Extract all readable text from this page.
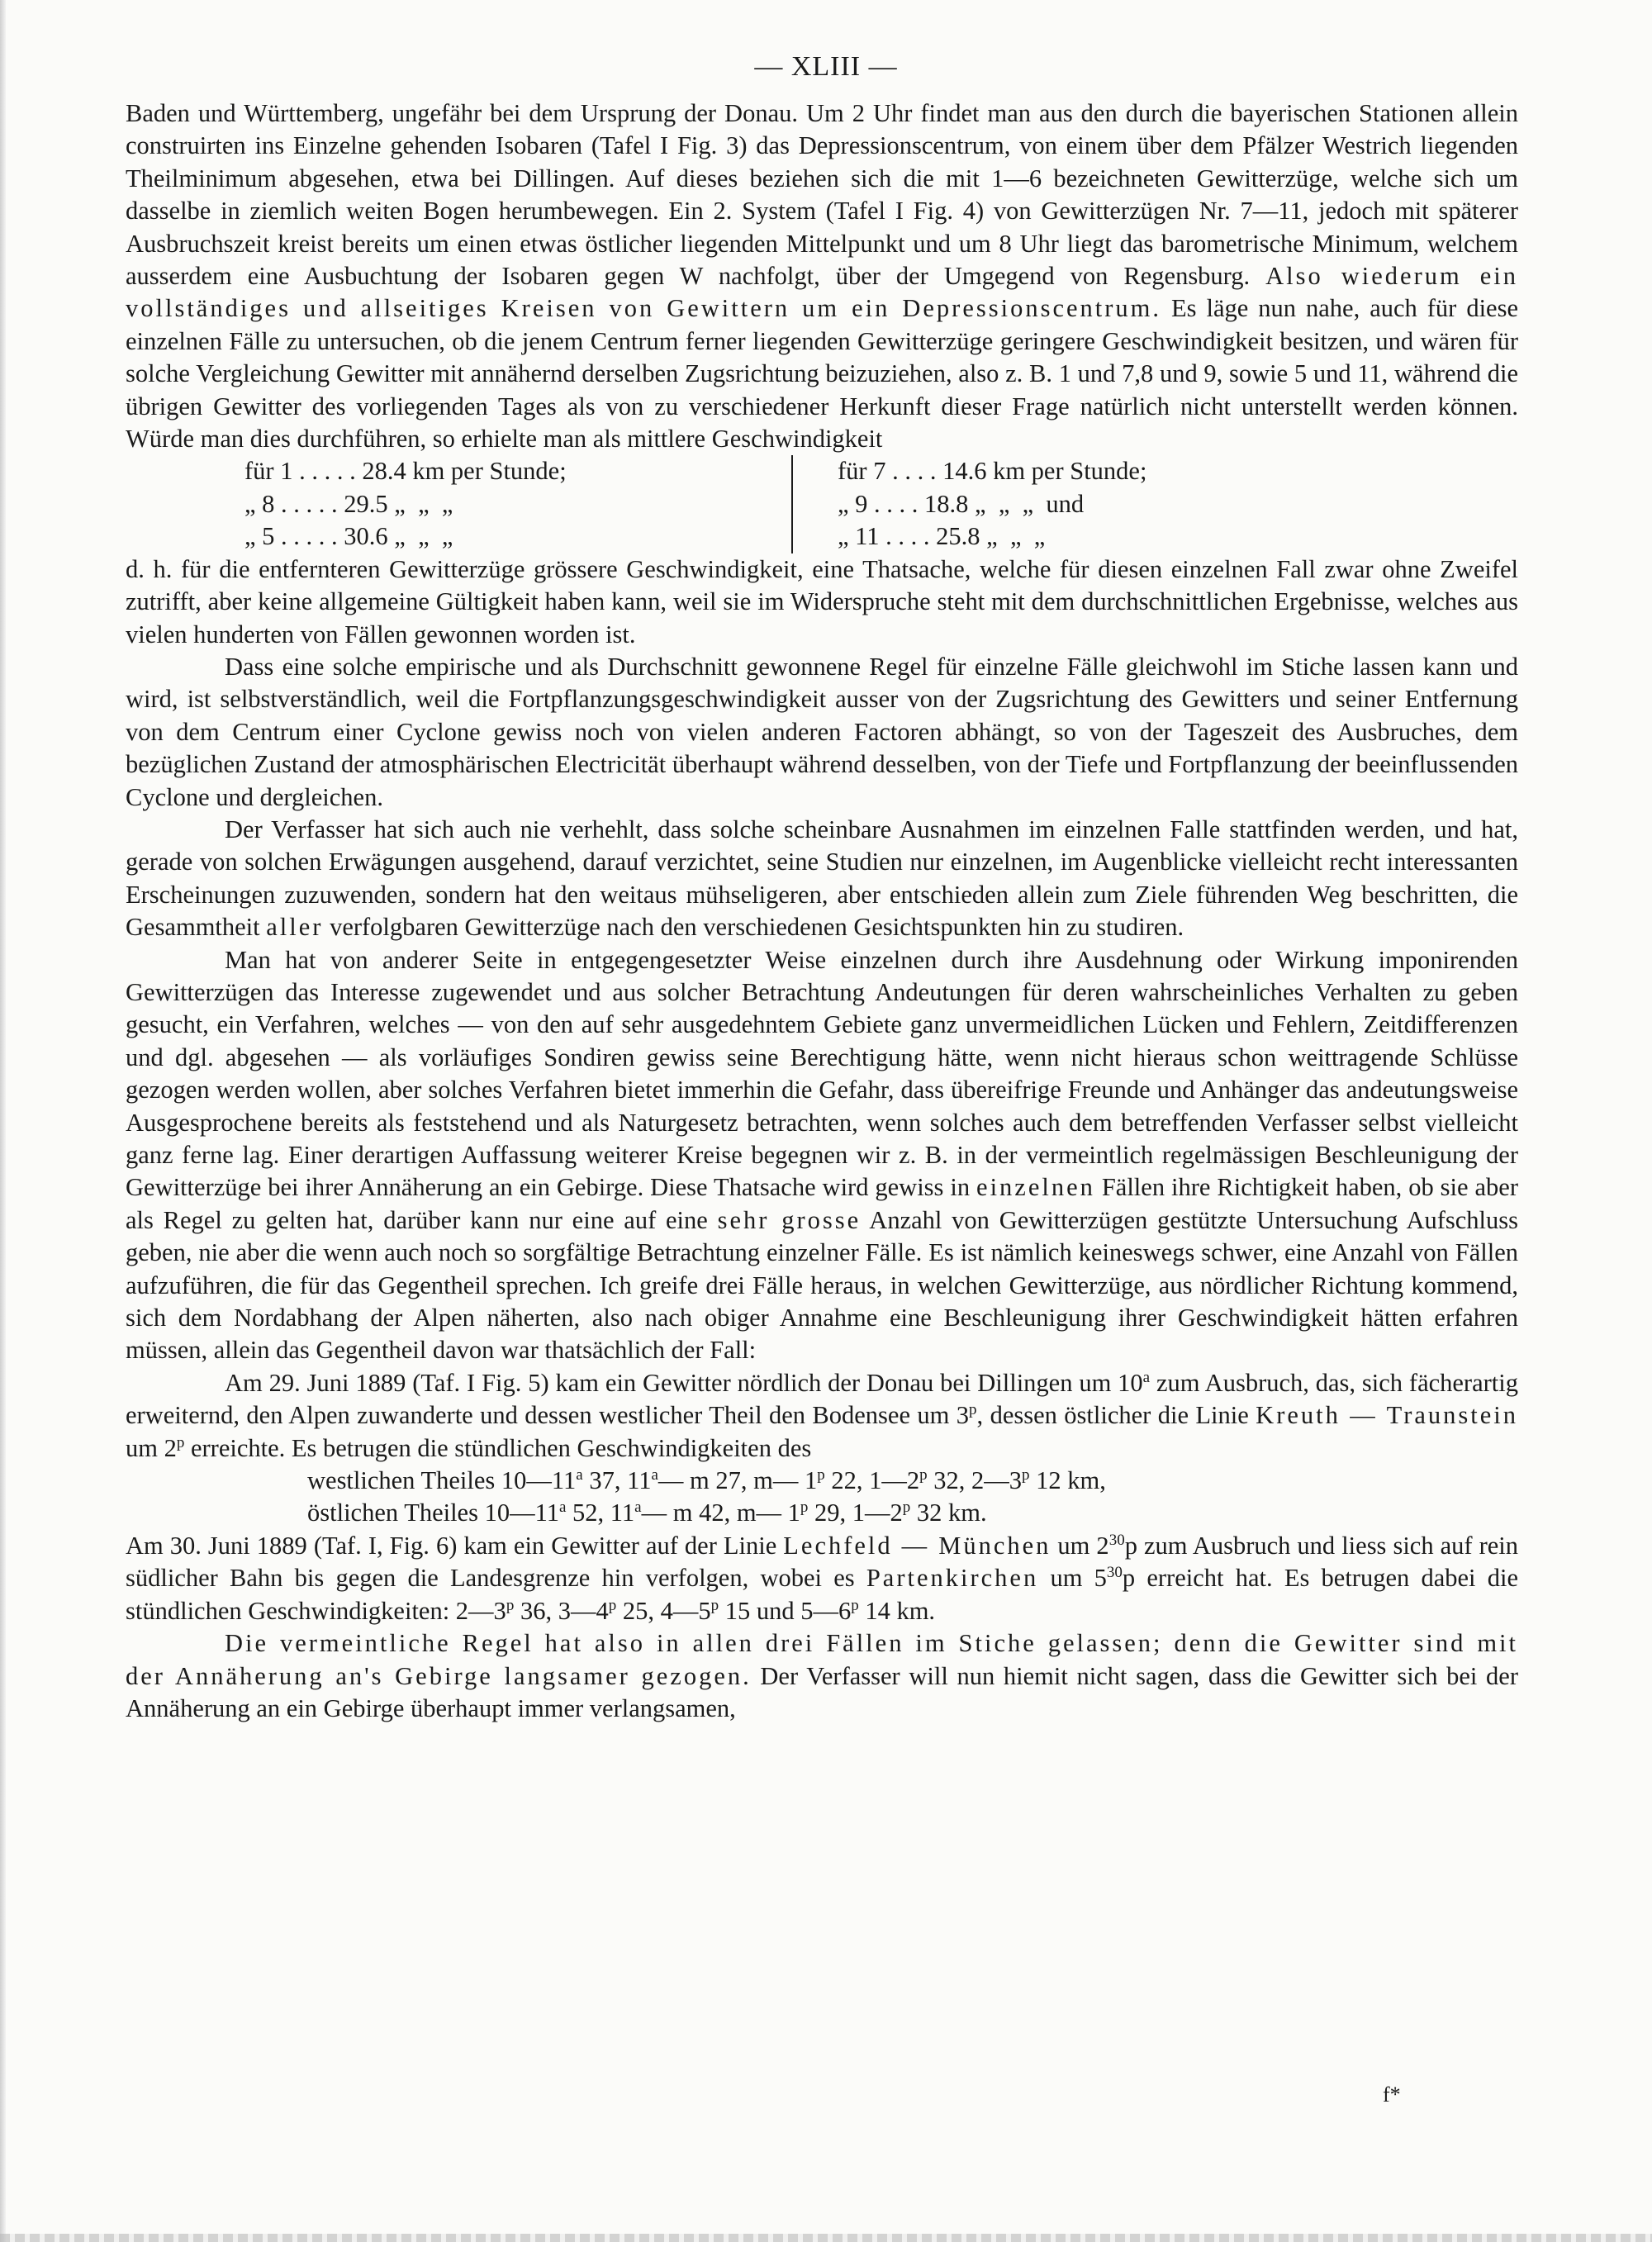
— XLIII —

Baden und Württemberg, ungefähr bei dem Ursprung der Donau. Um 2 Uhr findet man aus den durch die bayerischen Stationen allein construirten ins Einzelne gehenden Isobaren (Tafel I Fig. 3) das Depressionscentrum, von einem über dem Pfälzer Westrich liegenden Theilminimum abgesehen, etwa bei Dillingen. Auf dieses beziehen sich die mit 1—6 bezeichneten Gewitterzüge, welche sich um dasselbe in ziemlich weiten Bogen herumbewegen. Ein 2. System (Tafel I Fig. 4) von Gewitterzügen Nr. 7—11, jedoch mit späterer Ausbruchszeit kreist bereits um einen etwas östlicher liegenden Mittelpunkt und um 8 Uhr liegt das barometrische Minimum, welchem ausserdem eine Ausbuchtung der Isobaren gegen W nachfolgt, über der Umgegend von Regensburg. Also wiederum ein vollständiges und allseitiges Kreisen von Gewittern um ein Depressionscentrum. Es läge nun nahe, auch für diese einzelnen Fälle zu untersuchen, ob die jenem Centrum ferner liegenden Gewitterzüge geringere Geschwindigkeit besitzen, und wären für solche Vergleichung Gewitter mit annähernd derselben Zugsrichtung beizuziehen, also z. B. 1 und 7,8 und 9, sowie 5 und 11, während die übrigen Gewitter des vorliegenden Tages als von zu verschiedener Herkunft dieser Frage natürlich nicht unterstellt werden können. Würde man dies durchführen, so erhielte man als mittlere Geschwindigkeit

für 1 . . . . . 28.4 km per Stunde;
„ 8 . . . . . 29.5 „  „  „
„ 5 . . . . . 30.6 „  „  „
für 7 . . . . 14.6 km per Stunde;
„ 9 . . . . 18.8 „  „  „  und
„ 11 . . . . 25.8 „  „  „

d. h. für die entfernteren Gewitterzüge grössere Geschwindigkeit, eine Thatsache, welche für diesen einzelnen Fall zwar ohne Zweifel zutrifft, aber keine allgemeine Gültigkeit haben kann, weil sie im Widerspruche steht mit dem durchschnittlichen Ergebnisse, welches aus vielen hunderten von Fällen gewonnen worden ist.

Dass eine solche empirische und als Durchschnitt gewonnene Regel für einzelne Fälle gleichwohl im Stiche lassen kann und wird, ist selbstverständlich, weil die Fortpflanzungsgeschwindigkeit ausser von der Zugsrichtung des Gewitters und seiner Entfernung von dem Centrum einer Cyclone gewiss noch von vielen anderen Factoren abhängt, so von der Tageszeit des Ausbruches, dem bezüglichen Zustand der atmosphärischen Electricität überhaupt während desselben, von der Tiefe und Fortpflanzung der beeinflussenden Cyclone und dergleichen.

Der Verfasser hat sich auch nie verhehlt, dass solche scheinbare Ausnahmen im einzelnen Falle stattfinden werden, und hat, gerade von solchen Erwägungen ausgehend, darauf verzichtet, seine Studien nur einzelnen, im Augenblicke vielleicht recht interessanten Erscheinungen zuzuwenden, sondern hat den weitaus mühseligeren, aber entschieden allein zum Ziele führenden Weg beschritten, die Gesammtheit aller verfolgbaren Gewitterzüge nach den verschiedenen Gesichtspunkten hin zu studiren.

Man hat von anderer Seite in entgegengesetzter Weise einzelnen durch ihre Ausdehnung oder Wirkung imponirenden Gewitterzügen das Interesse zugewendet und aus solcher Betrachtung Andeutungen für deren wahrscheinliches Verhalten zu geben gesucht, ein Verfahren, welches — von den auf sehr ausgedehntem Gebiete ganz unvermeidlichen Lücken und Fehlern, Zeitdifferenzen und dgl. abgesehen — als vorläufiges Sondiren gewiss seine Berechtigung hätte, wenn nicht hieraus schon weittragende Schlüsse gezogen werden wollen, aber solches Verfahren bietet immerhin die Gefahr, dass übereifrige Freunde und Anhänger das andeutungsweise Ausgesprochene bereits als feststehend und als Naturgesetz betrachten, wenn solches auch dem betreffenden Verfasser selbst vielleicht ganz ferne lag. Einer derartigen Auffassung weiterer Kreise begegnen wir z. B. in der vermeintlich regelmässigen Beschleunigung der Gewitterzüge bei ihrer Annäherung an ein Gebirge. Diese Thatsache wird gewiss in einzelnen Fällen ihre Richtigkeit haben, ob sie aber als Regel zu gelten hat, darüber kann nur eine auf eine sehr grosse Anzahl von Gewitterzügen gestützte Untersuchung Aufschluss geben, nie aber die wenn auch noch so sorgfältige Betrachtung einzelner Fälle. Es ist nämlich keineswegs schwer, eine Anzahl von Fällen aufzuführen, die für das Gegentheil sprechen. Ich greife drei Fälle heraus, in welchen Gewitterzüge, aus nördlicher Richtung kommend, sich dem Nordabhang der Alpen näherten, also nach obiger Annahme eine Beschleunigung ihrer Geschwindigkeit hätten erfahren müssen, allein das Gegentheil davon war thatsächlich der Fall:

Am 29. Juni 1889 (Taf. I Fig. 5) kam ein Gewitter nördlich der Donau bei Dillingen um 10$^a$ zum Ausbruch, das, sich fächerartig erweiternd, den Alpen zuwanderte und dessen westlicher Theil den Bodensee um 3$^p$, dessen östlicher die Linie Kreuth — Traunstein um 2$^p$ erreichte. Es betrugen die stündlichen Geschwindigkeiten des

westlichen Theiles 10—11$^a$ 37, 11$^a$— m 27, m— 1$^p$ 22, 1—2$^p$ 32, 2—3$^p$ 12 km,
östlichen Theiles 10—11$^a$ 52, 11$^a$— m 42, m— 1$^p$ 29, 1—2$^p$ 32 km.

Am 30. Juni 1889 (Taf. I, Fig. 6) kam ein Gewitter auf der Linie Lechfeld — München um $2^{30}p$ zum Ausbruch und liess sich auf rein südlicher Bahn bis gegen die Landesgrenze hin verfolgen, wobei es Partenkirchen um $5^{30}p$ erreicht hat. Es betrugen dabei die stündlichen Geschwindigkeiten: 2—3$^p$ 36, 3—4$^p$ 25, 4—5$^p$ 15 und 5—6$^p$ 14 km.

Die vermeintliche Regel hat also in allen drei Fällen im Stiche gelassen; denn die Gewitter sind mit der Annäherung an's Gebirge langsamer gezogen. Der Verfasser will nun hiemit nicht sagen, dass die Gewitter sich bei der Annäherung an ein Gebirge überhaupt immer verlangsamen,

f*
